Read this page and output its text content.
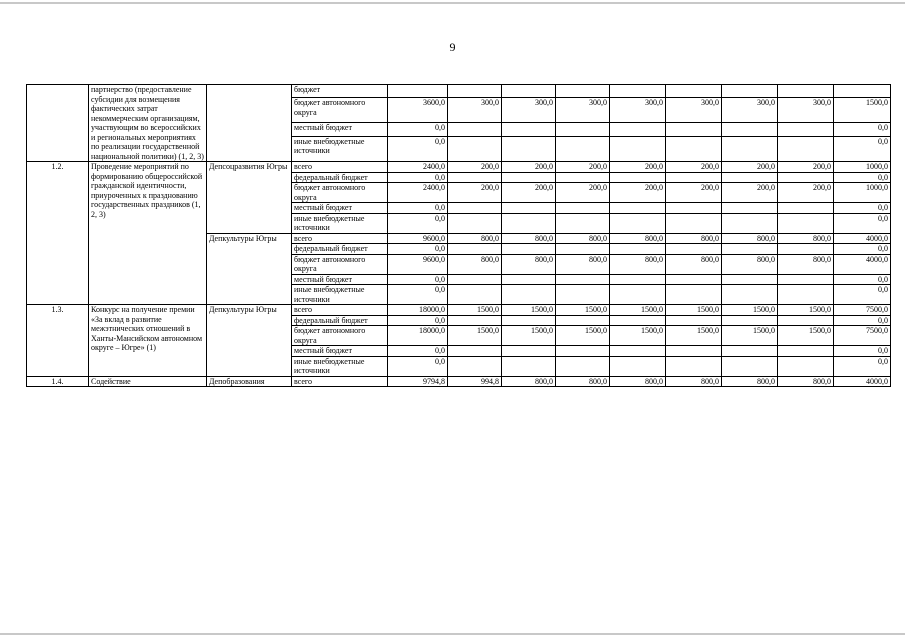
9
	партнерство (предоставление субсидии для возмещения фактических затрат некоммерческим организациям, участвующим во всероссийских и региональных мероприятиях по реализации государственной национальной политики) (1, 2, 3)		бюджет									
			бюджет автономного округа	3600,0	300,0	300,0	300,0	300,0	300,0	300,0	300,0	1500,0
			местный бюджет	0,0								0,0
			иные внебюджетные источники	0,0								0,0
1.2.	Проведение мероприятий по формированию общероссийской гражданской идентичности, приуроченных к празднованию государственных праздников (1, 2, 3)	Депсоцразвития Югры	всего	2400,0	200,0	200,0	200,0	200,0	200,0	200,0	200,0	1000,0
			федеральный бюджет	0,0								0,0
			бюджет автономного округа	2400,0	200,0	200,0	200,0	200,0	200,0	200,0	200,0	1000,0
			местный бюджет	0,0								0,0
			иные внебюджетные источники	0,0								0,0
		Депкультуры Югры	всего	9600,0	800,0	800,0	800,0	800,0	800,0	800,0	800,0	4000,0
			федеральный бюджет	0,0								0,0
			бюджет автономного округа	9600,0	800,0	800,0	800,0	800,0	800,0	800,0	800,0	4000,0
			местный бюджет	0,0								0,0
			иные внебюджетные источники	0,0								0,0
1.3.	Конкурс на получение премии «За вклад в развитие межэтнических отношений в Ханты-Мансийском автономном округе – Югре» (1)	Депкультуры Югры	всего	18000,0	1500,0	1500,0	1500,0	1500,0	1500,0	1500,0	1500,0	7500,0
			федеральный бюджет	0,0								0,0
			бюджет автономного округа	18000,0	1500,0	1500,0	1500,0	1500,0	1500,0	1500,0	1500,0	7500,0
			местный бюджет	0,0								0,0
			иные внебюджетные источники	0,0								0,0
1.4.	Содействие	Депобразования	всего	9794,8	994,8	800,0	800,0	800,0	800,0	800,0	800,0	4000,0
